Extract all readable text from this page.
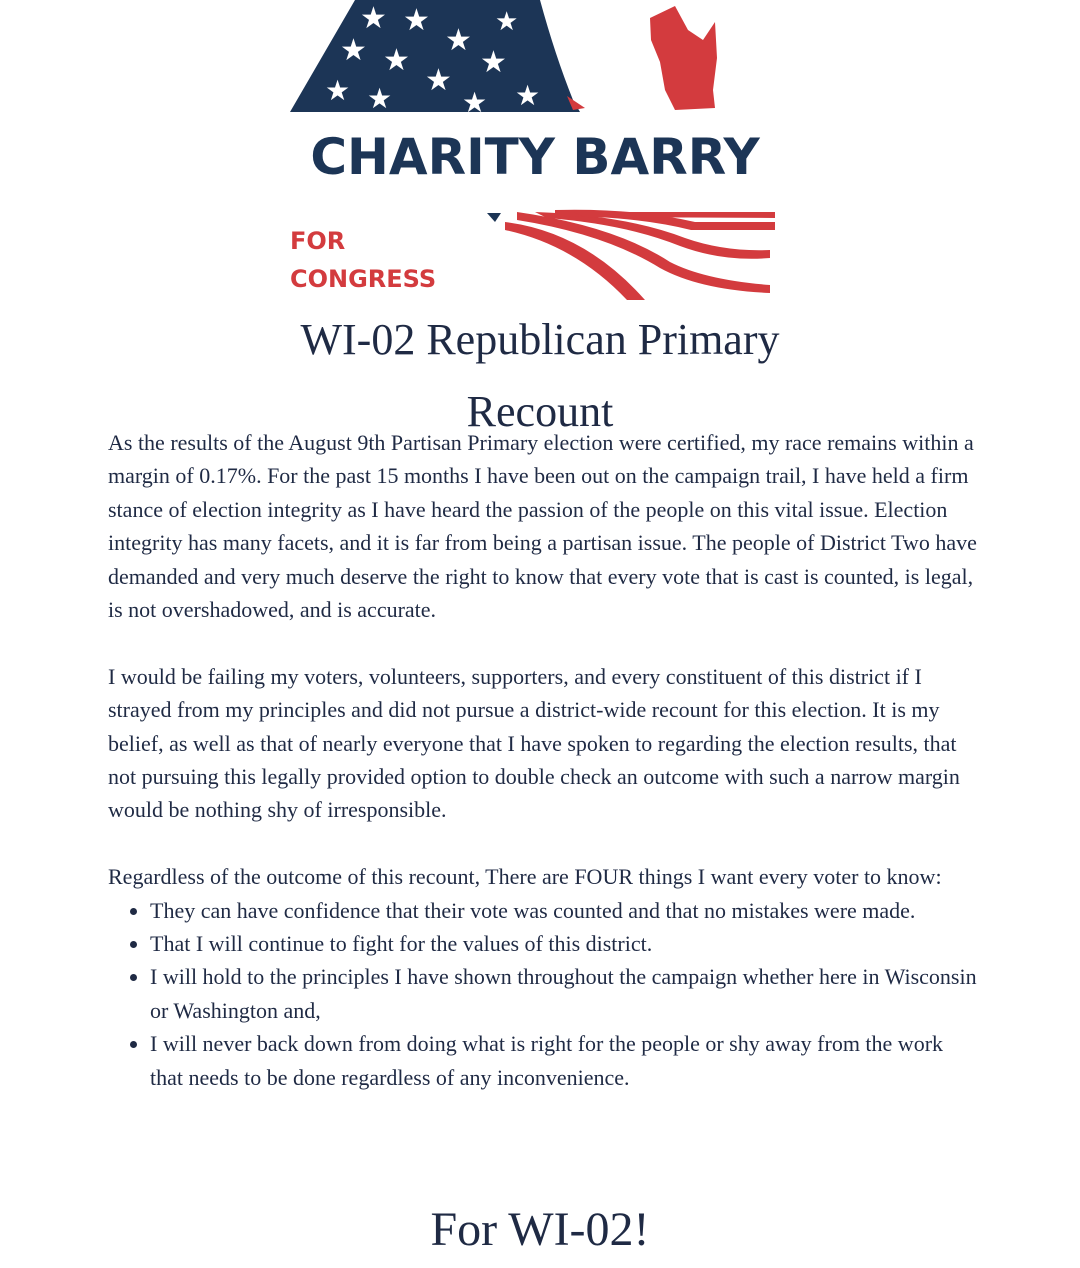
★ ★
★ ★
★
★ ★
★
★
★ ★
★
CHARITY BARRY
FOR
CONGRESS
WI-02 Republican Primary
Recount

As the results of the August 9th Partisan Primary election were certified, my race remains within a margin of 0.17%. For the past 15 months I have been out on the campaign trail, I have held a firm stance of election integrity as I have heard the passion of the people on this vital issue. Election integrity has many facets, and it is far from being a partisan issue. The people of District Two have demanded and very much deserve the right to know that every vote that is cast is counted, is legal, is not overshadowed, and is accurate.

I would be failing my voters, volunteers, supporters, and every constituent of this district if I strayed from my principles and did not pursue a district-wide recount for this election. It is my belief, as well as that of nearly everyone that I have spoken to regarding the election results, that not pursuing this legally provided option to double check an outcome with such a narrow margin would be nothing shy of irresponsible.

Regardless of the outcome of this recount, There are FOUR things I want every voter to know:

• They can have confidence that their vote was counted and that no mistakes were made.
• That I will continue to fight for the values of this district.
• I will hold to the principles I have shown throughout the campaign whether here in Wisconsin or Washington and,
• I will never back down from doing what is right for the people or shy away from the work that needs to be done regardless of any inconvenience.
For WI-02!
